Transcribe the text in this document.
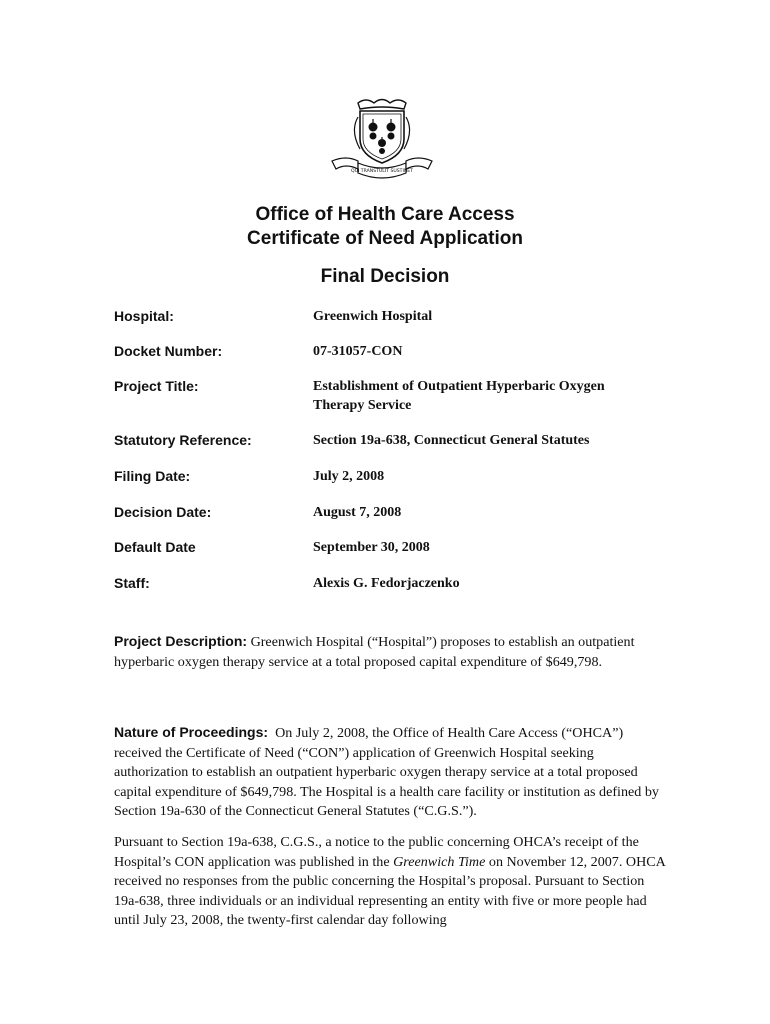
QUI TRANSTULIT SUSTINET
Office of Health Care Access
Certificate of Need Application
Final Decision
Hospital:	Greenwich Hospital
Docket Number:	07-31057-CON
Project Title:	Establishment of Outpatient Hyperbaric Oxygen Therapy Service
Statutory Reference:	Section 19a-638, Connecticut General Statutes
Filing Date:	July 2, 2008
Decision Date:	August 7, 2008
Default Date	September 30, 2008
Staff:	Alexis G. Fedorjaczenko
Project Description: Greenwich Hospital (“Hospital”) proposes to establish an outpatient hyperbaric oxygen therapy service at a total proposed capital expenditure of $649,798.
Nature of Proceedings: On July 2, 2008, the Office of Health Care Access (“OHCA”) received the Certificate of Need (“CON”) application of Greenwich Hospital seeking authorization to establish an outpatient hyperbaric oxygen therapy service at a total proposed capital expenditure of $649,798. The Hospital is a health care facility or institution as defined by Section 19a-630 of the Connecticut General Statutes (“C.G.S.”).
Pursuant to Section 19a-638, C.G.S., a notice to the public concerning OHCA’s receipt of the Hospital’s CON application was published in the Greenwich Time on November 12, 2007. OHCA received no responses from the public concerning the Hospital’s proposal. Pursuant to Section 19a-638, three individuals or an individual representing an entity with five or more people had until July 23, 2008, the twenty-first calendar day following
